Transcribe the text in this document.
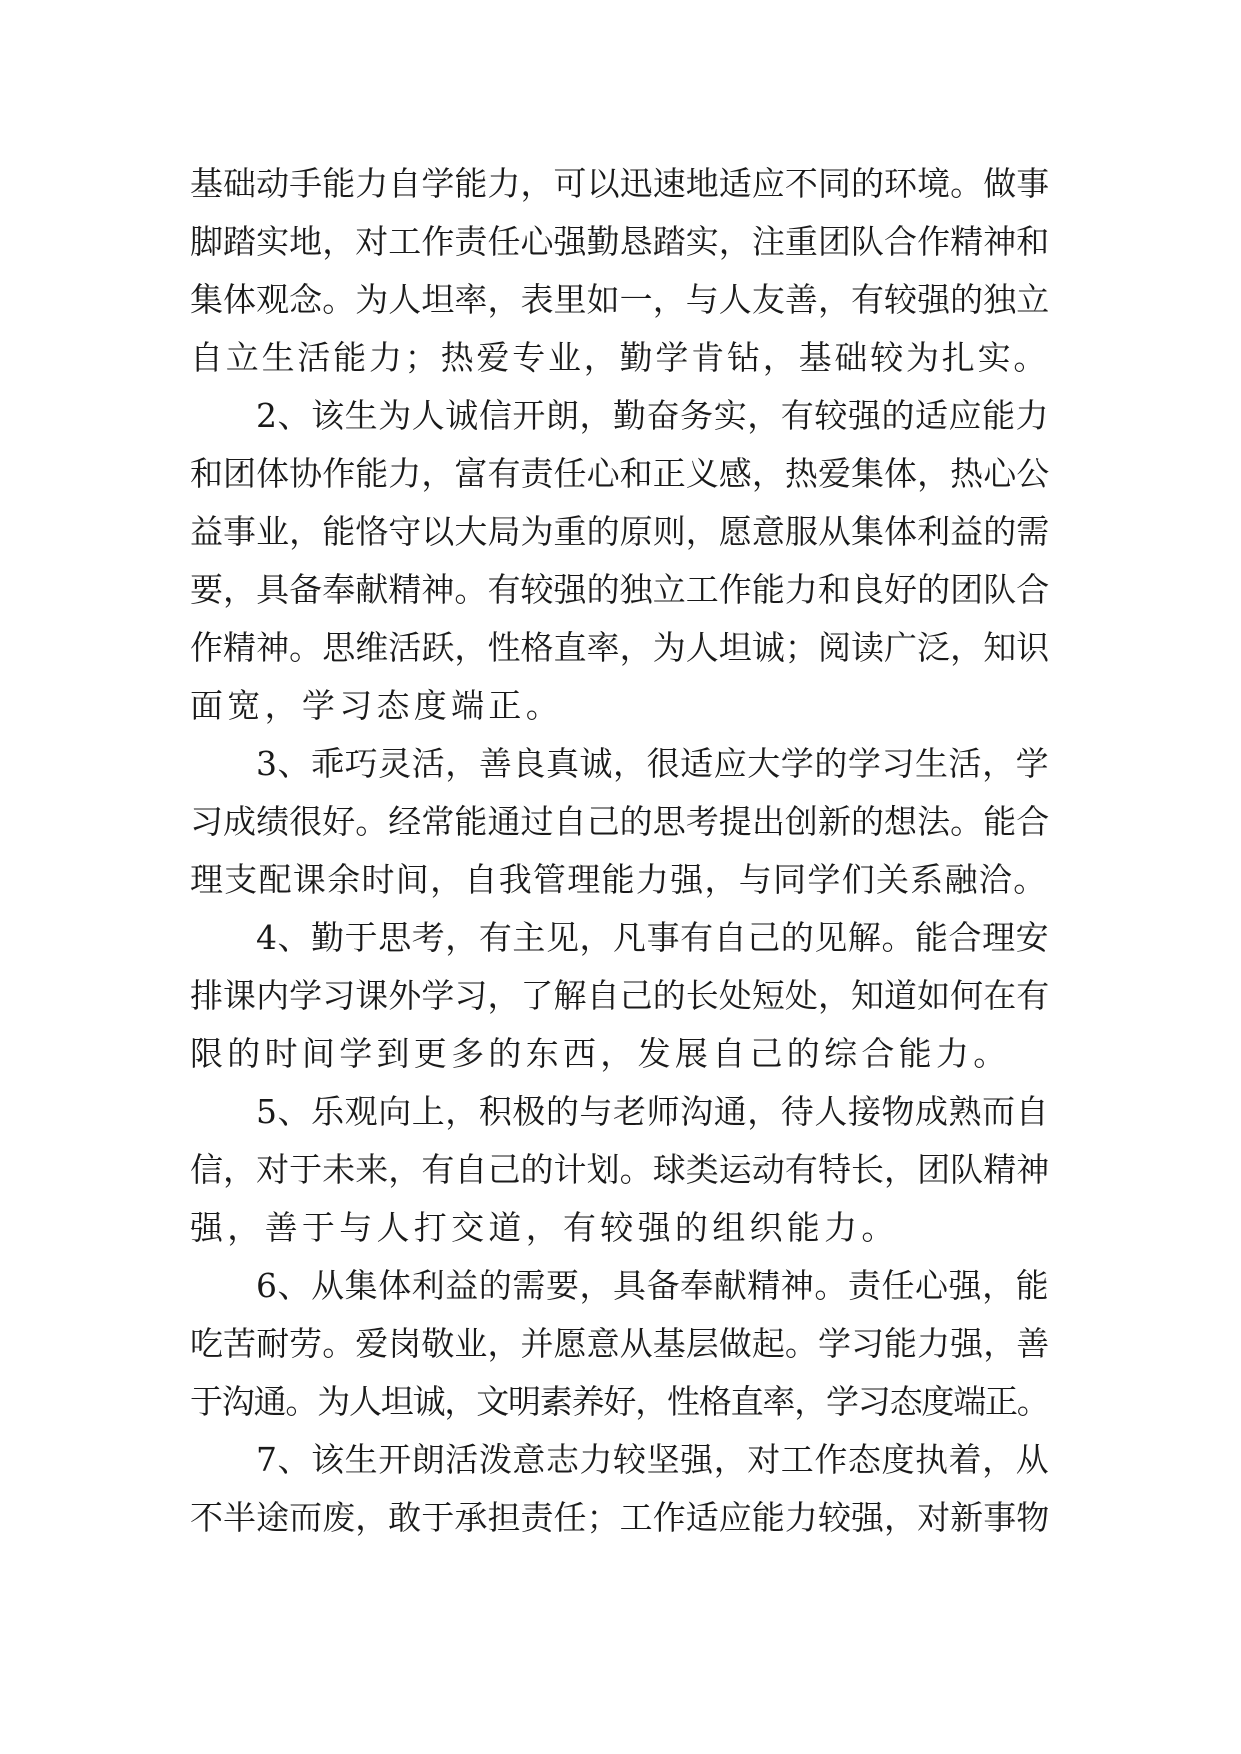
基础动手能力自学能力，可以迅速地适应不同的环境。做事
脚踏实地，对工作责任心强勤恳踏实，注重团队合作精神和
集体观念。为人坦率，表里如一，与人友善，有较强的独立
自立生活能力；热爱专业，勤学肯钻，基础较为扎实。
2、该生为人诚信开朗，勤奋务实，有较强的适应能力
和团体协作能力，富有责任心和正义感，热爱集体，热心公
益事业，能恪守以大局为重的原则，愿意服从集体利益的需
要，具备奉献精神。有较强的独立工作能力和良好的团队合
作精神。思维活跃，性格直率，为人坦诚；阅读广泛，知识
面宽，学习态度端正。
3、乖巧灵活，善良真诚，很适应大学的学习生活，学
习成绩很好。经常能通过自己的思考提出创新的想法。能合
理支配课余时间，自我管理能力强，与同学们关系融洽。
4、勤于思考，有主见，凡事有自己的见解。能合理安
排课内学习课外学习，了解自己的长处短处，知道如何在有
限的时间学到更多的东西，发展自己的综合能力。
5、乐观向上，积极的与老师沟通，待人接物成熟而自
信，对于未来，有自己的计划。球类运动有特长，团队精神
强，善于与人打交道，有较强的组织能力。
6、从集体利益的需要，具备奉献精神。责任心强，能
吃苦耐劳。爱岗敬业，并愿意从基层做起。学习能力强，善
于沟通。为人坦诚，文明素养好，性格直率，学习态度端正。
7、该生开朗活泼意志力较坚强，对工作态度执着，从
不半途而废，敢于承担责任；工作适应能力较强，对新事物
